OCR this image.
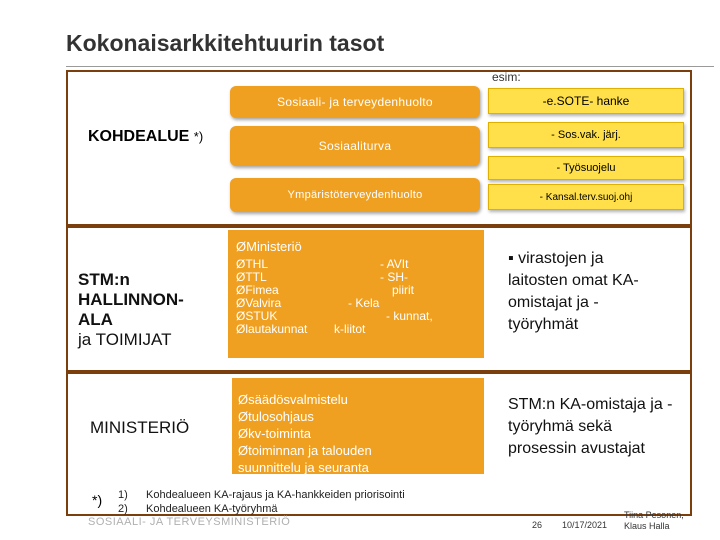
Kokonaisarkkitehtuurin tasot
esim:
KOHDEALUE *)
Sosiaali- ja terveydenhuolto
Sosiaaliturva
Ympäristöterveydenhuolto
-e.SOTE- hanke
- Sos.vak. järj.
- Työsuojelu
- Kansal.terv.suoj.ohj
STM:n
HALLINNON-
ALA
ja TOIMIJAT
ØMinisteriö
ØTHL
ØTTL
ØFimea
ØValvira
ØSTUK
Ølautakunnat
- AVIt
- SH-
piirit
- Kela
- kunnat,
k-liitot
▪ virastojen ja laitosten omat KA- omistajat ja -työryhmät
MINISTERIÖ
Øsäädösvalmistelu
Øtulosohjaus
Økv-toiminta
Øtoiminnan ja talouden
suunnittelu ja seuranta
STM:n KA-omistaja ja -työryhmä sekä prosessin avustajat
*) 1)
2)
Kohdealueen KA-rajaus ja KA-hankkeiden priorisointi
Kohdealueen KA-työryhmä
SOSIAALI- JA TERVEYSMINISTERIÖ	26 10/17/2021
Tiina Pesonen,
Klaus Halla
